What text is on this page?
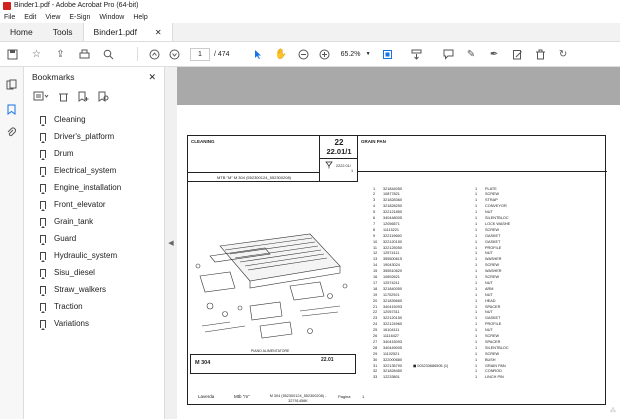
Binder1.pdf - Adobe Acrobat Pro (64-bit)
File Edit View E-Sign Window Help
Home	Tools	Binder1.pdf ✕
☆ ⇪	1	/ 474	✋	65.2% ▼	✎ ✒	↻
Bookmarks	✕
Cleaning
Driver's_platform
Drum
Electrical_system
Engine_installation
Front_elevator
Grain_tank
Guard
Hydraulic_system
Sisu_diesel
Straw_walkers
Traction
Variations
◀
CLEANING
MTB "M" M 304 (552300124_552300208)
22
22.01/1
2222.01/
1
GRAIN PAN
M 304
PIANO ALIMENTATORE
22.01
1	321844050	1	PLATE
2	10877821	1	SCREW
3	321828360	1	STRAP
4	321828250	1	CONVEYOR
5	322121850	1	NUT
6	340448005	1	SILENTBLOC
7	12056571	1	LOCK WASHE
8	11115221	1	SCREW
9	322119660	1	GASKET
10	322120150	1	GASKET
11	322125050	1	PROFILE
12	12574111	1	NUT
13	355500615	1	WASHER
14	19043024	1	SCREW
15	355510620	1	WASHER
16	10892621	1	SCREW
17	12574211	1	NUT
18	321840050	1	ARM
19	11702921	1	NUT
20	321839660	1	HEAD
21	340415093	1	SPACER
22	12057311	1	NUT
23	322120150	1	GASKET
24	322124960	1	PROFILE
25	16104111	1	NUT
26	11116427	1	SCREW
27	340415093	1	SPACER
28	340449005	1	SILENTBLOC
29	11102521	1	SCREW
30	322000680	1	BUSH
31	322135790	◼ 003233686505 (1)	1	GRAIN PAN
32	321828450	1	CONROD
33	12233801	1	LINCH PIN
Laverda	Mtb "m"	M 304 (552300124_552300208) - 32791456K
Pagina	1
⁂
